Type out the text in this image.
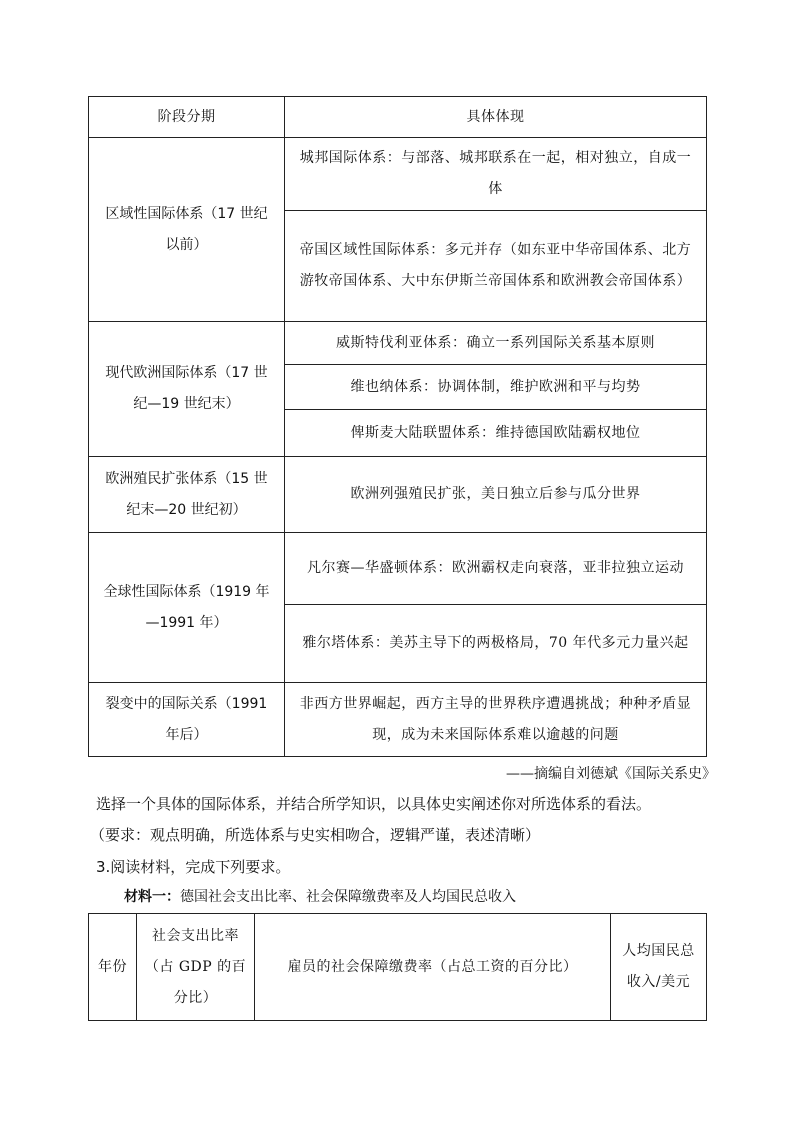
阶段分期	具体体现
区域性国际体系（17 世纪以前）	城邦国际体系：与部落、城邦联系在一起，相对独立，自成一体
	帝国区域性国际体系：多元并存（如东亚中华帝国体系、北方游牧帝国体系、大中东伊斯兰帝国体系和欧洲教会帝国体系）
现代欧洲国际体系（17 世纪—19 世纪末）	威斯特伐利亚体系：确立一系列国际关系基本原则
	维也纳体系：协调体制，维护欧洲和平与均势
	俾斯麦大陆联盟体系：维持德国欧陆霸权地位
欧洲殖民扩张体系（15 世纪末—20 世纪初）	欧洲列强殖民扩张，美日独立后参与瓜分世界
全球性国际体系（1919 年—1991 年）	凡尔赛—华盛顿体系：欧洲霸权走向衰落，亚非拉独立运动
	雅尔塔体系：美苏主导下的两极格局，70 年代多元力量兴起
裂变中的国际关系（1991 年后）	非西方世界崛起，西方主导的世界秩序遭遇挑战；种种矛盾显现，成为未来国际体系难以逾越的问题
——摘编自刘德斌《国际关系史》
选择一个具体的国际体系，并结合所学知识，以具体史实阐述你对所选体系的看法。
（要求：观点明确，所选体系与史实相吻合，逻辑严谨，表述清晰）
3.阅读材料，完成下列要求。
材料一：德国社会支出比率、社会保障缴费率及人均国民总收入
年份	社会支出比率（占 GDP 的百分比）	雇员的社会保障缴费率（占总工资的百分比）	人均国民总收入/美元
